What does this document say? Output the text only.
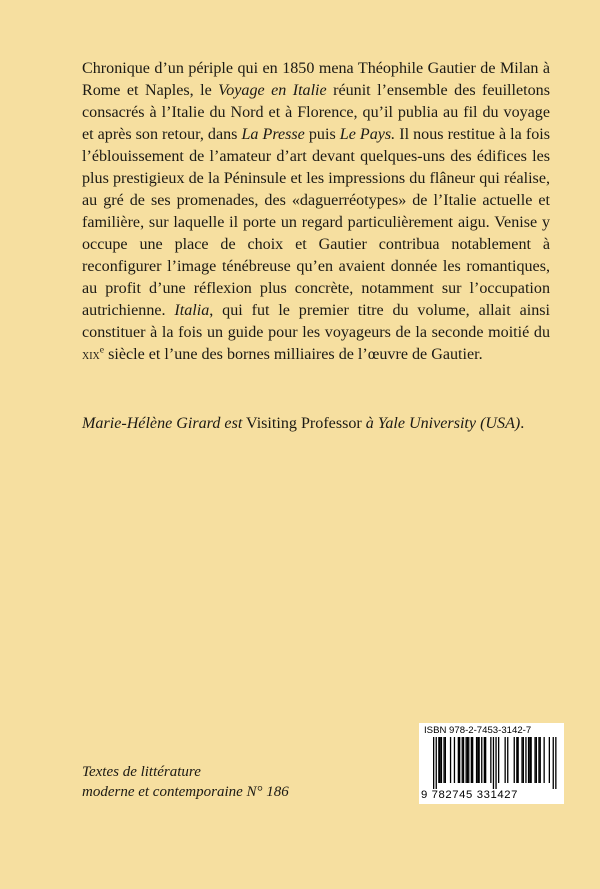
Chronique d’un périple qui en 1850 mena Théophile Gautier de Milan à Rome et Naples, le Voyage en Italie réunit l’ensemble des feuilletons consacrés à l’Italie du Nord et à Florence, qu’il publia au fil du voyage et après son retour, dans La Presse puis Le Pays. Il nous restitue à la fois l’éblouissement de l’amateur d’art devant quelques-uns des édifices les plus prestigieux de la Péninsule et les impressions du flâneur qui réalise, au gré de ses promenades, des «daguerréotypes» de l’Italie actuelle et familière, sur laquelle il porte un regard particulièrement aigu. Venise y occupe une place de choix et Gautier contribua notablement à reconfigurer l’image ténébreuse qu’en avaient donnée les romantiques, au profit d’une réflexion plus concrète, notamment sur l’occupation autrichienne. Italia, qui fut le premier titre du volume, allait ainsi constituer à la fois un guide pour les voyageurs de la seconde moitié du xix$^e$ siècle et l’une des bornes milliaires de l’œuvre de Gautier.

Marie-Hélène Girard est Visiting Professor à Yale University (USA).
Textes de littérature
moderne et contemporaine N° 186
ISBN 978-2-7453-3142-7
9 782745 331427
